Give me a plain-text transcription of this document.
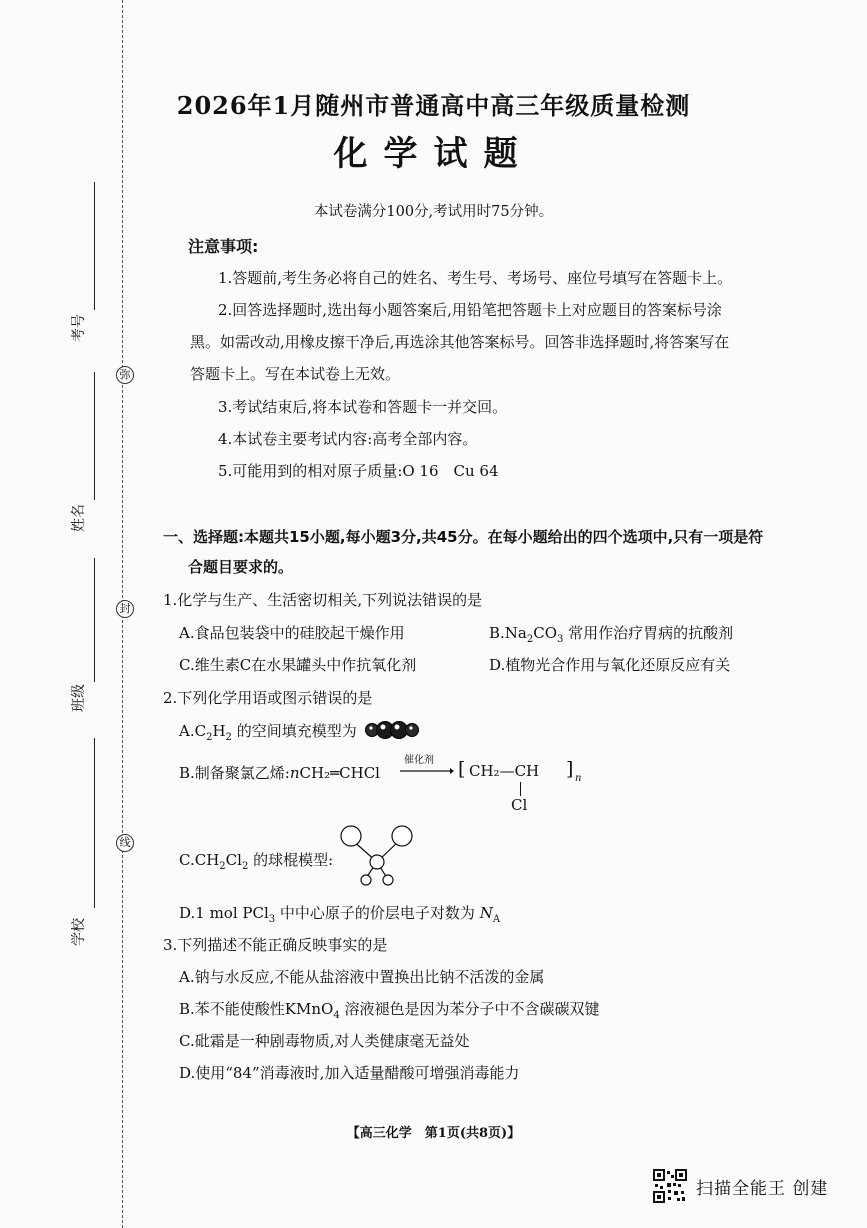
弥
封
线
考号
姓名
班级
学校
2026年1月随州市普通高中高三年级质量检测
化学试题
本试卷满分100分,考试用时75分钟。
注意事项:
1.答题前,考生务必将自己的姓名、考生号、考场号、座位号填写在答题卡上。
2.回答选择题时,选出每小题答案后,用铅笔把答题卡上对应题目的答案标号涂
黑。如需改动,用橡皮擦干净后,再选涂其他答案标号。回答非选择题时,将答案写在
答题卡上。写在本试卷上无效。
3.考试结束后,将本试卷和答题卡一并交回。
4.本试卷主要考试内容:高考全部内容。
5.可能用到的相对原子质量:O 16　Cu 64
一、选择题:本题共15小题,每小题3分,共45分。在每小题给出的四个选项中,只有一项是符
合题目要求的。
1.化学与生产、生活密切相关,下列说法错误的是
A.食品包装袋中的硅胶起干燥作用	$B.Na_2CO_3$ 常用作治疗胃病的抗酸剂
C.维生素C在水果罐头中作抗氧化剂	D.植物光合作用与氧化还原反应有关
2.下列化学用语或图示错误的是
$A.C_2H_2$ 的空间填充模型为
B.制备聚氯乙烯:nCH₂═CHCl
催化剂 → [ CH₂—CH ] n
Cl
$C.CH_2Cl_2$ 的球棍模型:
D.1 mol PCl$_3$ 中中心原子的价层电子对数为 $N_A$
3.下列描述不能正确反映事实的是
A.钠与水反应,不能从盐溶液中置换出比钠不活泼的金属
B.苯不能使酸性KMnO$_4$ 溶液褪色是因为苯分子中不含碳碳双键
C.砒霜是一种剧毒物质,对人类健康毫无益处
D.使用“84”消毒液时,加入适量醋酸可增强消毒能力
【高三化学　第1页(共8页)】
扫描全能王 创建
